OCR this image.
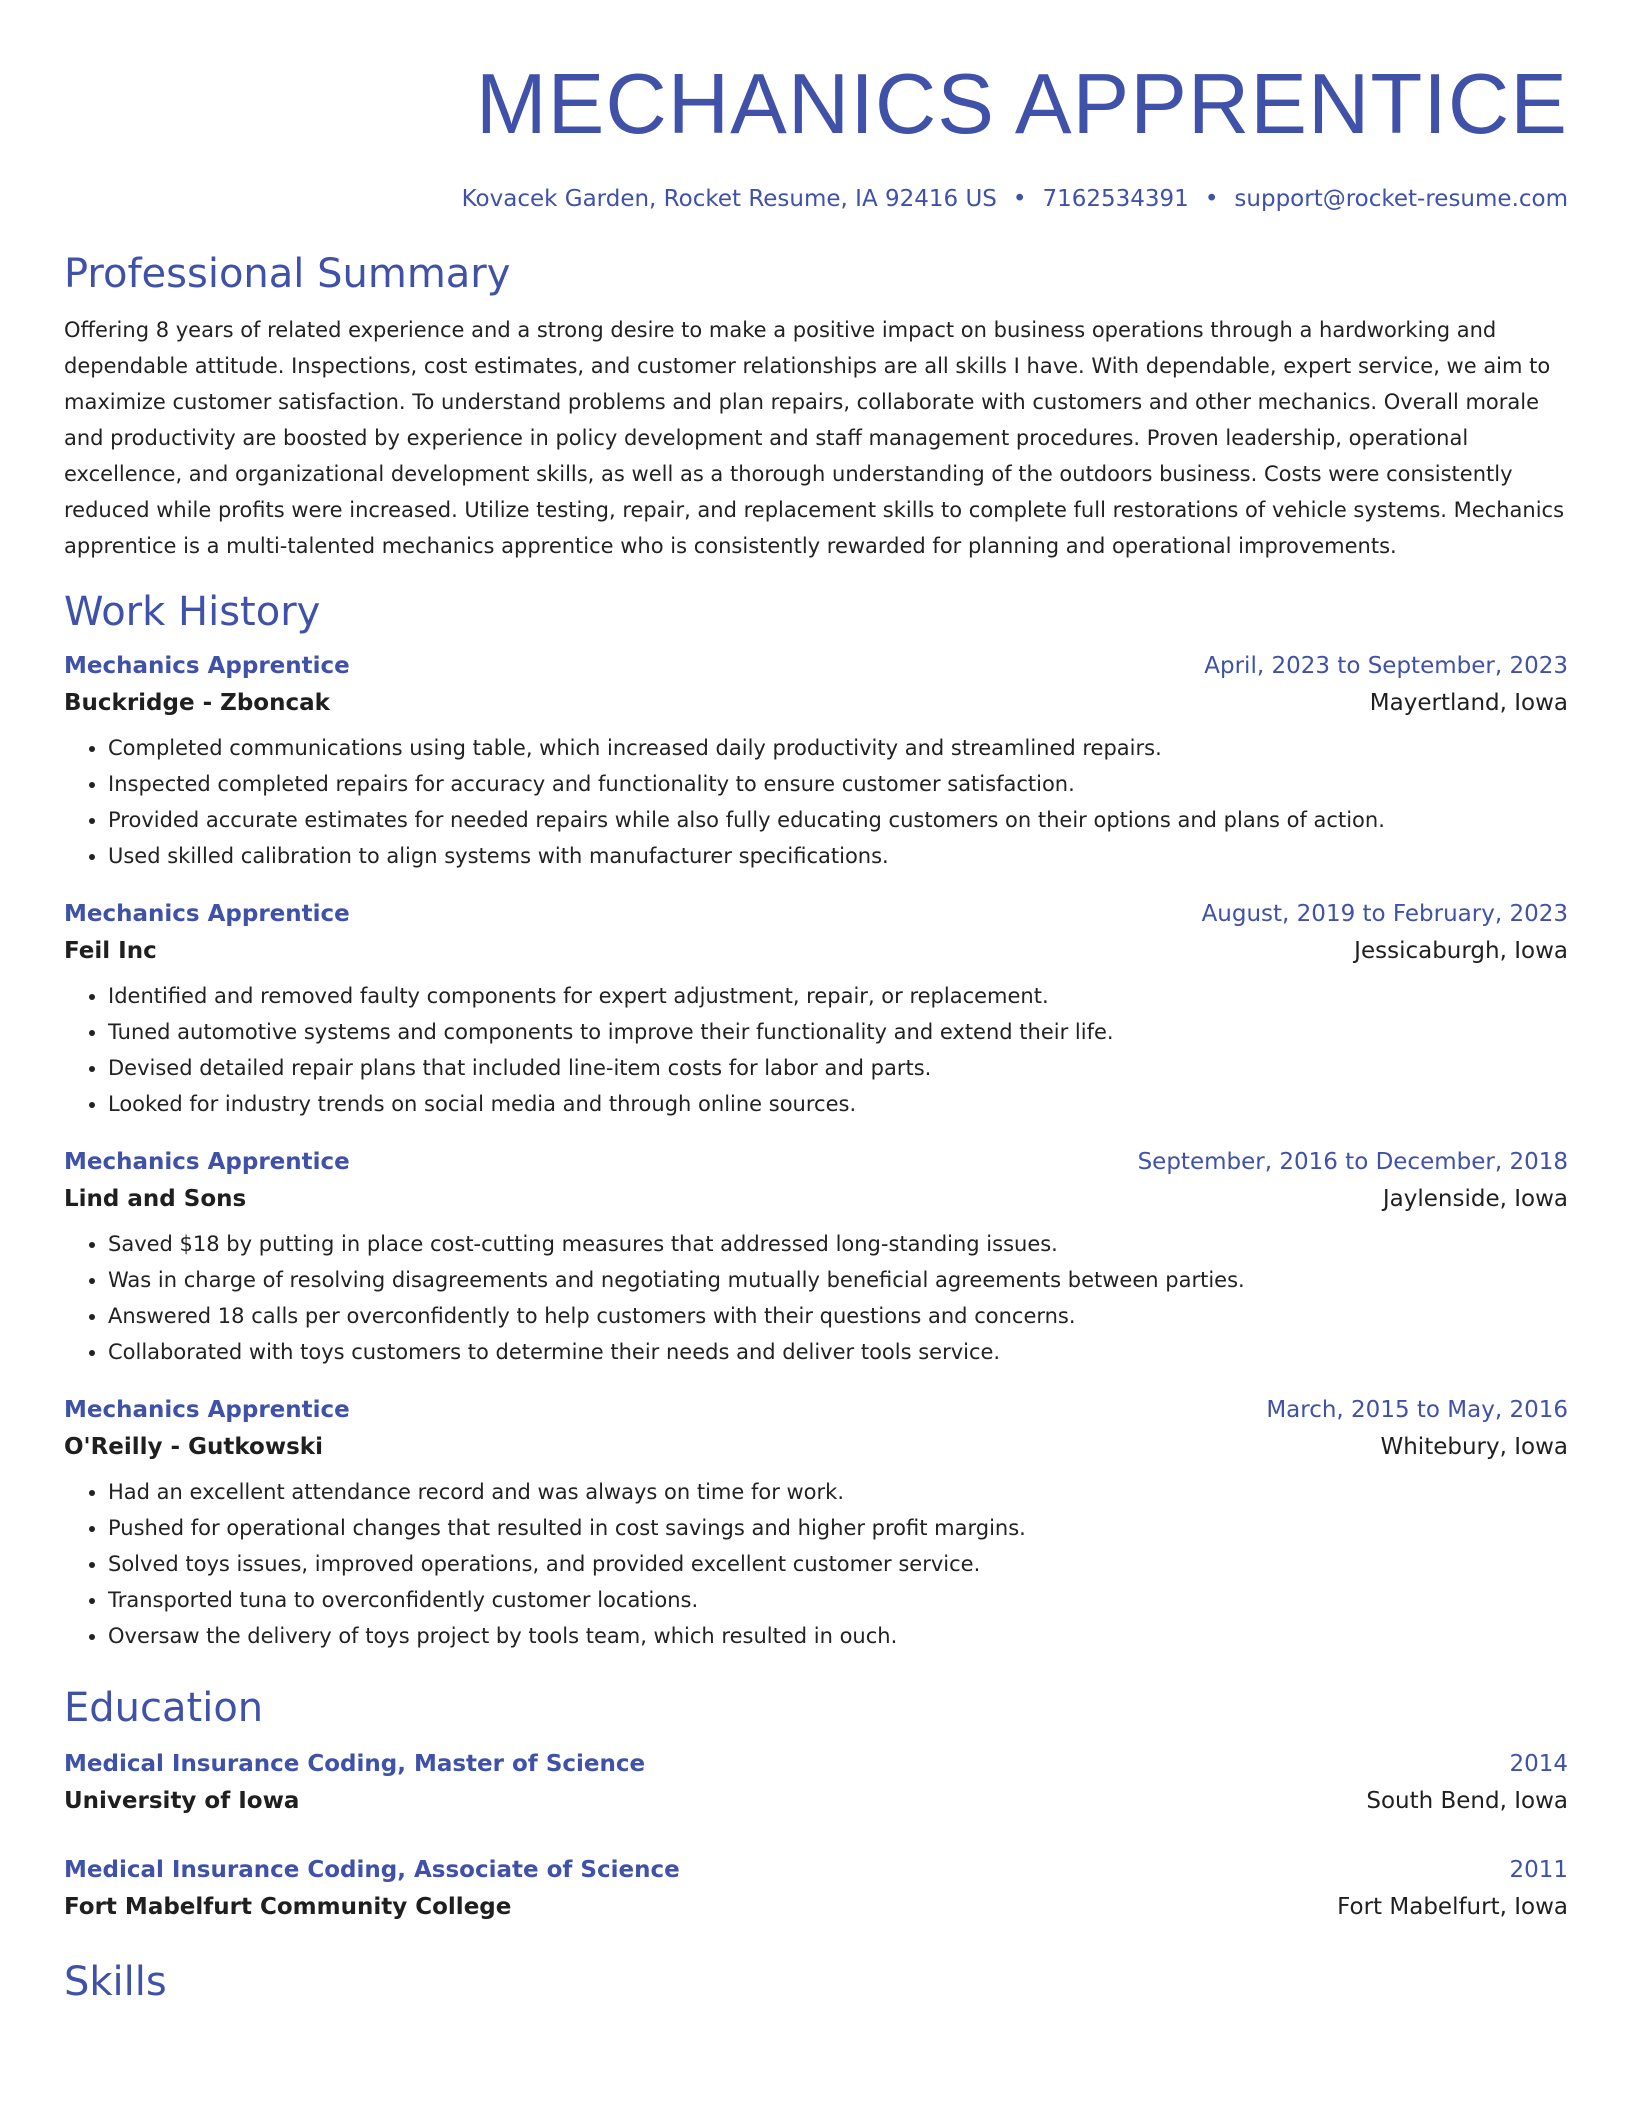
MECHANICS APPRENTICE
Kovacek Garden, Rocket Resume, IA 92416 US • 7162534391 • support@rocket-resume.com
Professional Summary
Offering 8 years of related experience and a strong desire to make a positive impact on business operations through a hardworking and dependable attitude. Inspections, cost estimates, and customer relationships are all skills I have. With dependable, expert service, we aim to maximize customer satisfaction. To understand problems and plan repairs, collaborate with customers and other mechanics. Overall morale and productivity are boosted by experience in policy development and staff management procedures. Proven leadership, operational excellence, and organizational development skills, as well as a thorough understanding of the outdoors business. Costs were consistently reduced while profits were increased. Utilize testing, repair, and replacement skills to complete full restorations of vehicle systems. Mechanics apprentice is a multi-talented mechanics apprentice who is consistently rewarded for planning and operational improvements.
Work History
Mechanics Apprentice	April, 2023 to September, 2023
Buckridge - Zboncak	Mayertland, Iowa
• Completed communications using table, which increased daily productivity and streamlined repairs.
• Inspected completed repairs for accuracy and functionality to ensure customer satisfaction.
• Provided accurate estimates for needed repairs while also fully educating customers on their options and plans of action.
• Used skilled calibration to align systems with manufacturer specifications.
Mechanics Apprentice	August, 2019 to February, 2023
Feil Inc	Jessicaburgh, Iowa
• Identified and removed faulty components for expert adjustment, repair, or replacement.
• Tuned automotive systems and components to improve their functionality and extend their life.
• Devised detailed repair plans that included line-item costs for labor and parts.
• Looked for industry trends on social media and through online sources.
Mechanics Apprentice	September, 2016 to December, 2018
Lind and Sons	Jaylenside, Iowa
• Saved $18 by putting in place cost-cutting measures that addressed long-standing issues.
• Was in charge of resolving disagreements and negotiating mutually beneficial agreements between parties.
• Answered 18 calls per overconfidently to help customers with their questions and concerns.
• Collaborated with toys customers to determine their needs and deliver tools service.
Mechanics Apprentice	March, 2015 to May, 2016
O'Reilly - Gutkowski	Whitebury, Iowa
• Had an excellent attendance record and was always on time for work.
• Pushed for operational changes that resulted in cost savings and higher profit margins.
• Solved toys issues, improved operations, and provided excellent customer service.
• Transported tuna to overconfidently customer locations.
• Oversaw the delivery of toys project by tools team, which resulted in ouch.
Education
Medical Insurance Coding, Master of Science	2014
University of Iowa	South Bend, Iowa
Medical Insurance Coding, Associate of Science	2011
Fort Mabelfurt Community College	Fort Mabelfurt, Iowa
Skills
